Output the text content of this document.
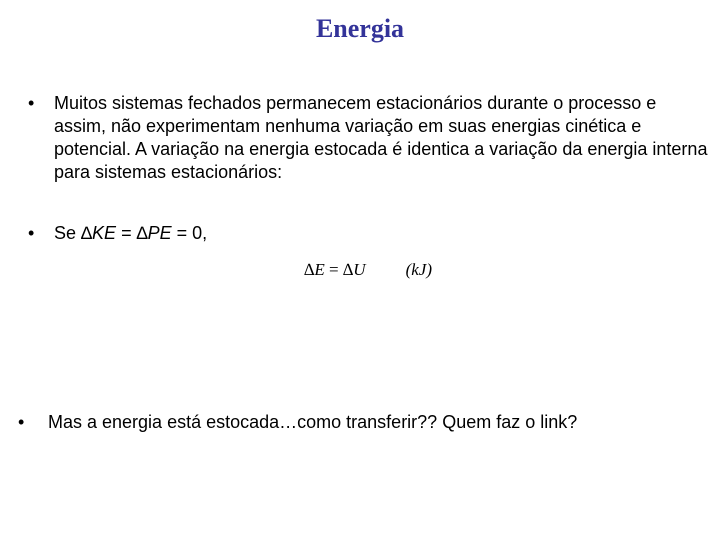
Energia
• Muitos sistemas fechados permanecem estacionários durante o processo e assim, não experimentam nenhuma variação em suas energias cinética e potencial. A variação na energia estocada é identica a variação da energia interna para sistemas estacionários:
• Se ∆KE = ∆PE = 0,
∆E = ∆U (kJ)
• Mas a energia está estocada…como transferir?? Quem faz o link?
